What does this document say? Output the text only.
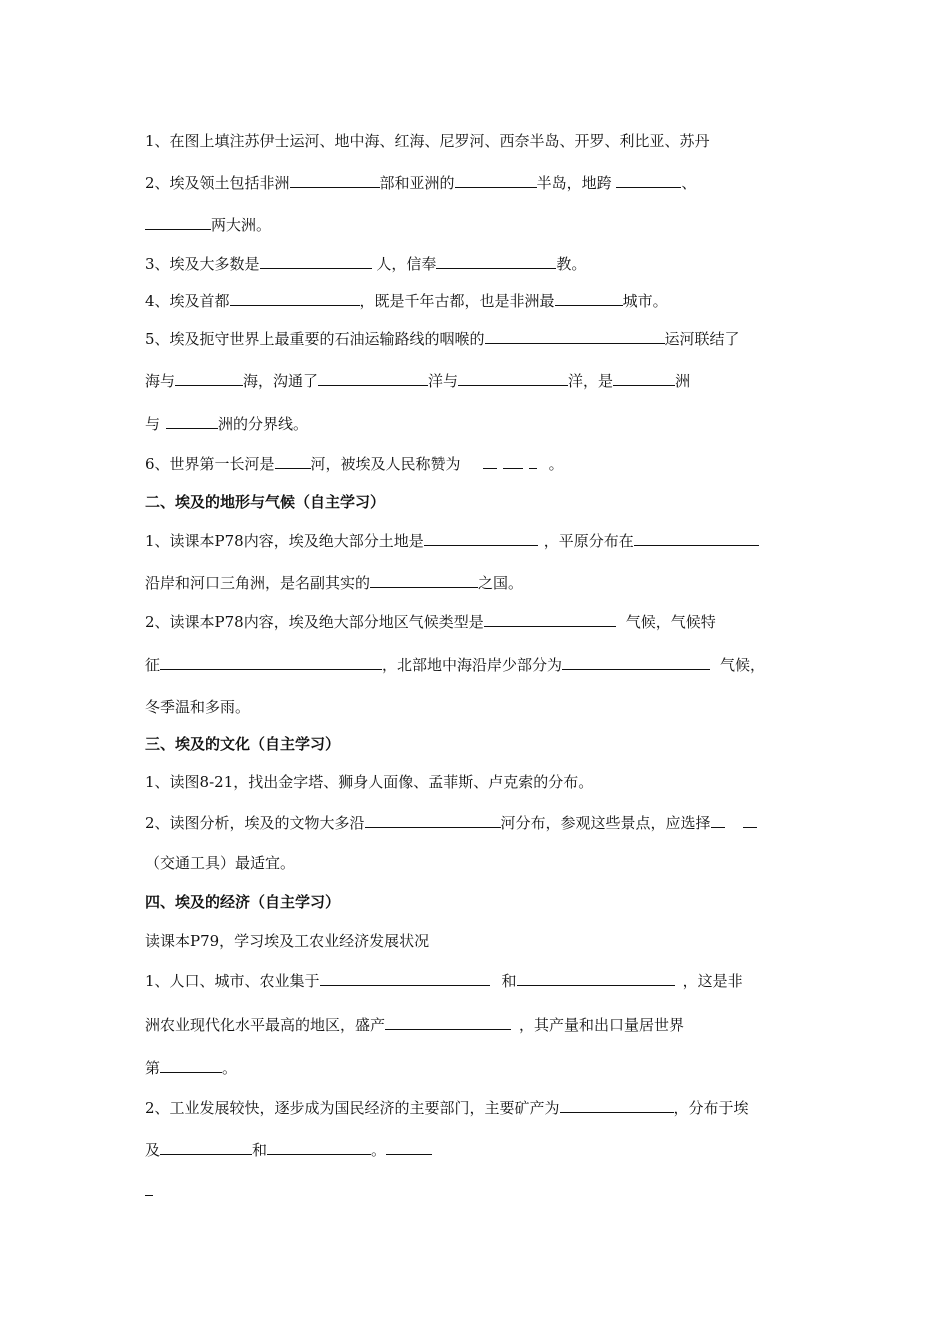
1、在图上填注苏伊士运河、地中海、红海、尼罗河、西奈半岛、开罗、利比亚、苏丹
2、埃及领土包括非洲	部和亚洲的	半岛，地跨	、
两大洲。
3、埃及大多数是	人，信奉	教。
4、埃及首都	，既是千年古都，也是非洲最	城市。
5、埃及扼守世界上最重要的石油运输路线的咽喉的	运河联结了
海与	海，沟通了	洋与	洋，是	洲
与	洲的分界线。
6、世界第一长河是 河，被埃及人民称赞为	。
二、埃及的地形与气候（自主学习）
1、读课本P78内容，埃及绝大部分土地是	，平原分布在
沿岸和河口三角洲，是名副其实的	之国。
2、读课本P78内容，埃及绝大部分地区气候类型是	气候，气候特
征	，北部地中海沿岸少部分为	气候，
冬季温和多雨。
三、埃及的文化（自主学习）
1、读图8-21，找出金字塔、狮身人面像、孟菲斯、卢克索的分布。
2、读图分析，埃及的文物大多沿	河分布，参观这些景点，应选择
（交通工具）最适宜。
四、埃及的经济（自主学习）
读课本P79，学习埃及工农业经济发展状况
1、人口、城市、农业集于	和	，这是非
洲农业现代化水平最高的地区，盛产	，其产量和出口量居世界
第	。
2、工业发展较快，逐步成为国民经济的主要部门，主要矿产为	，分布于埃
及	和	。
